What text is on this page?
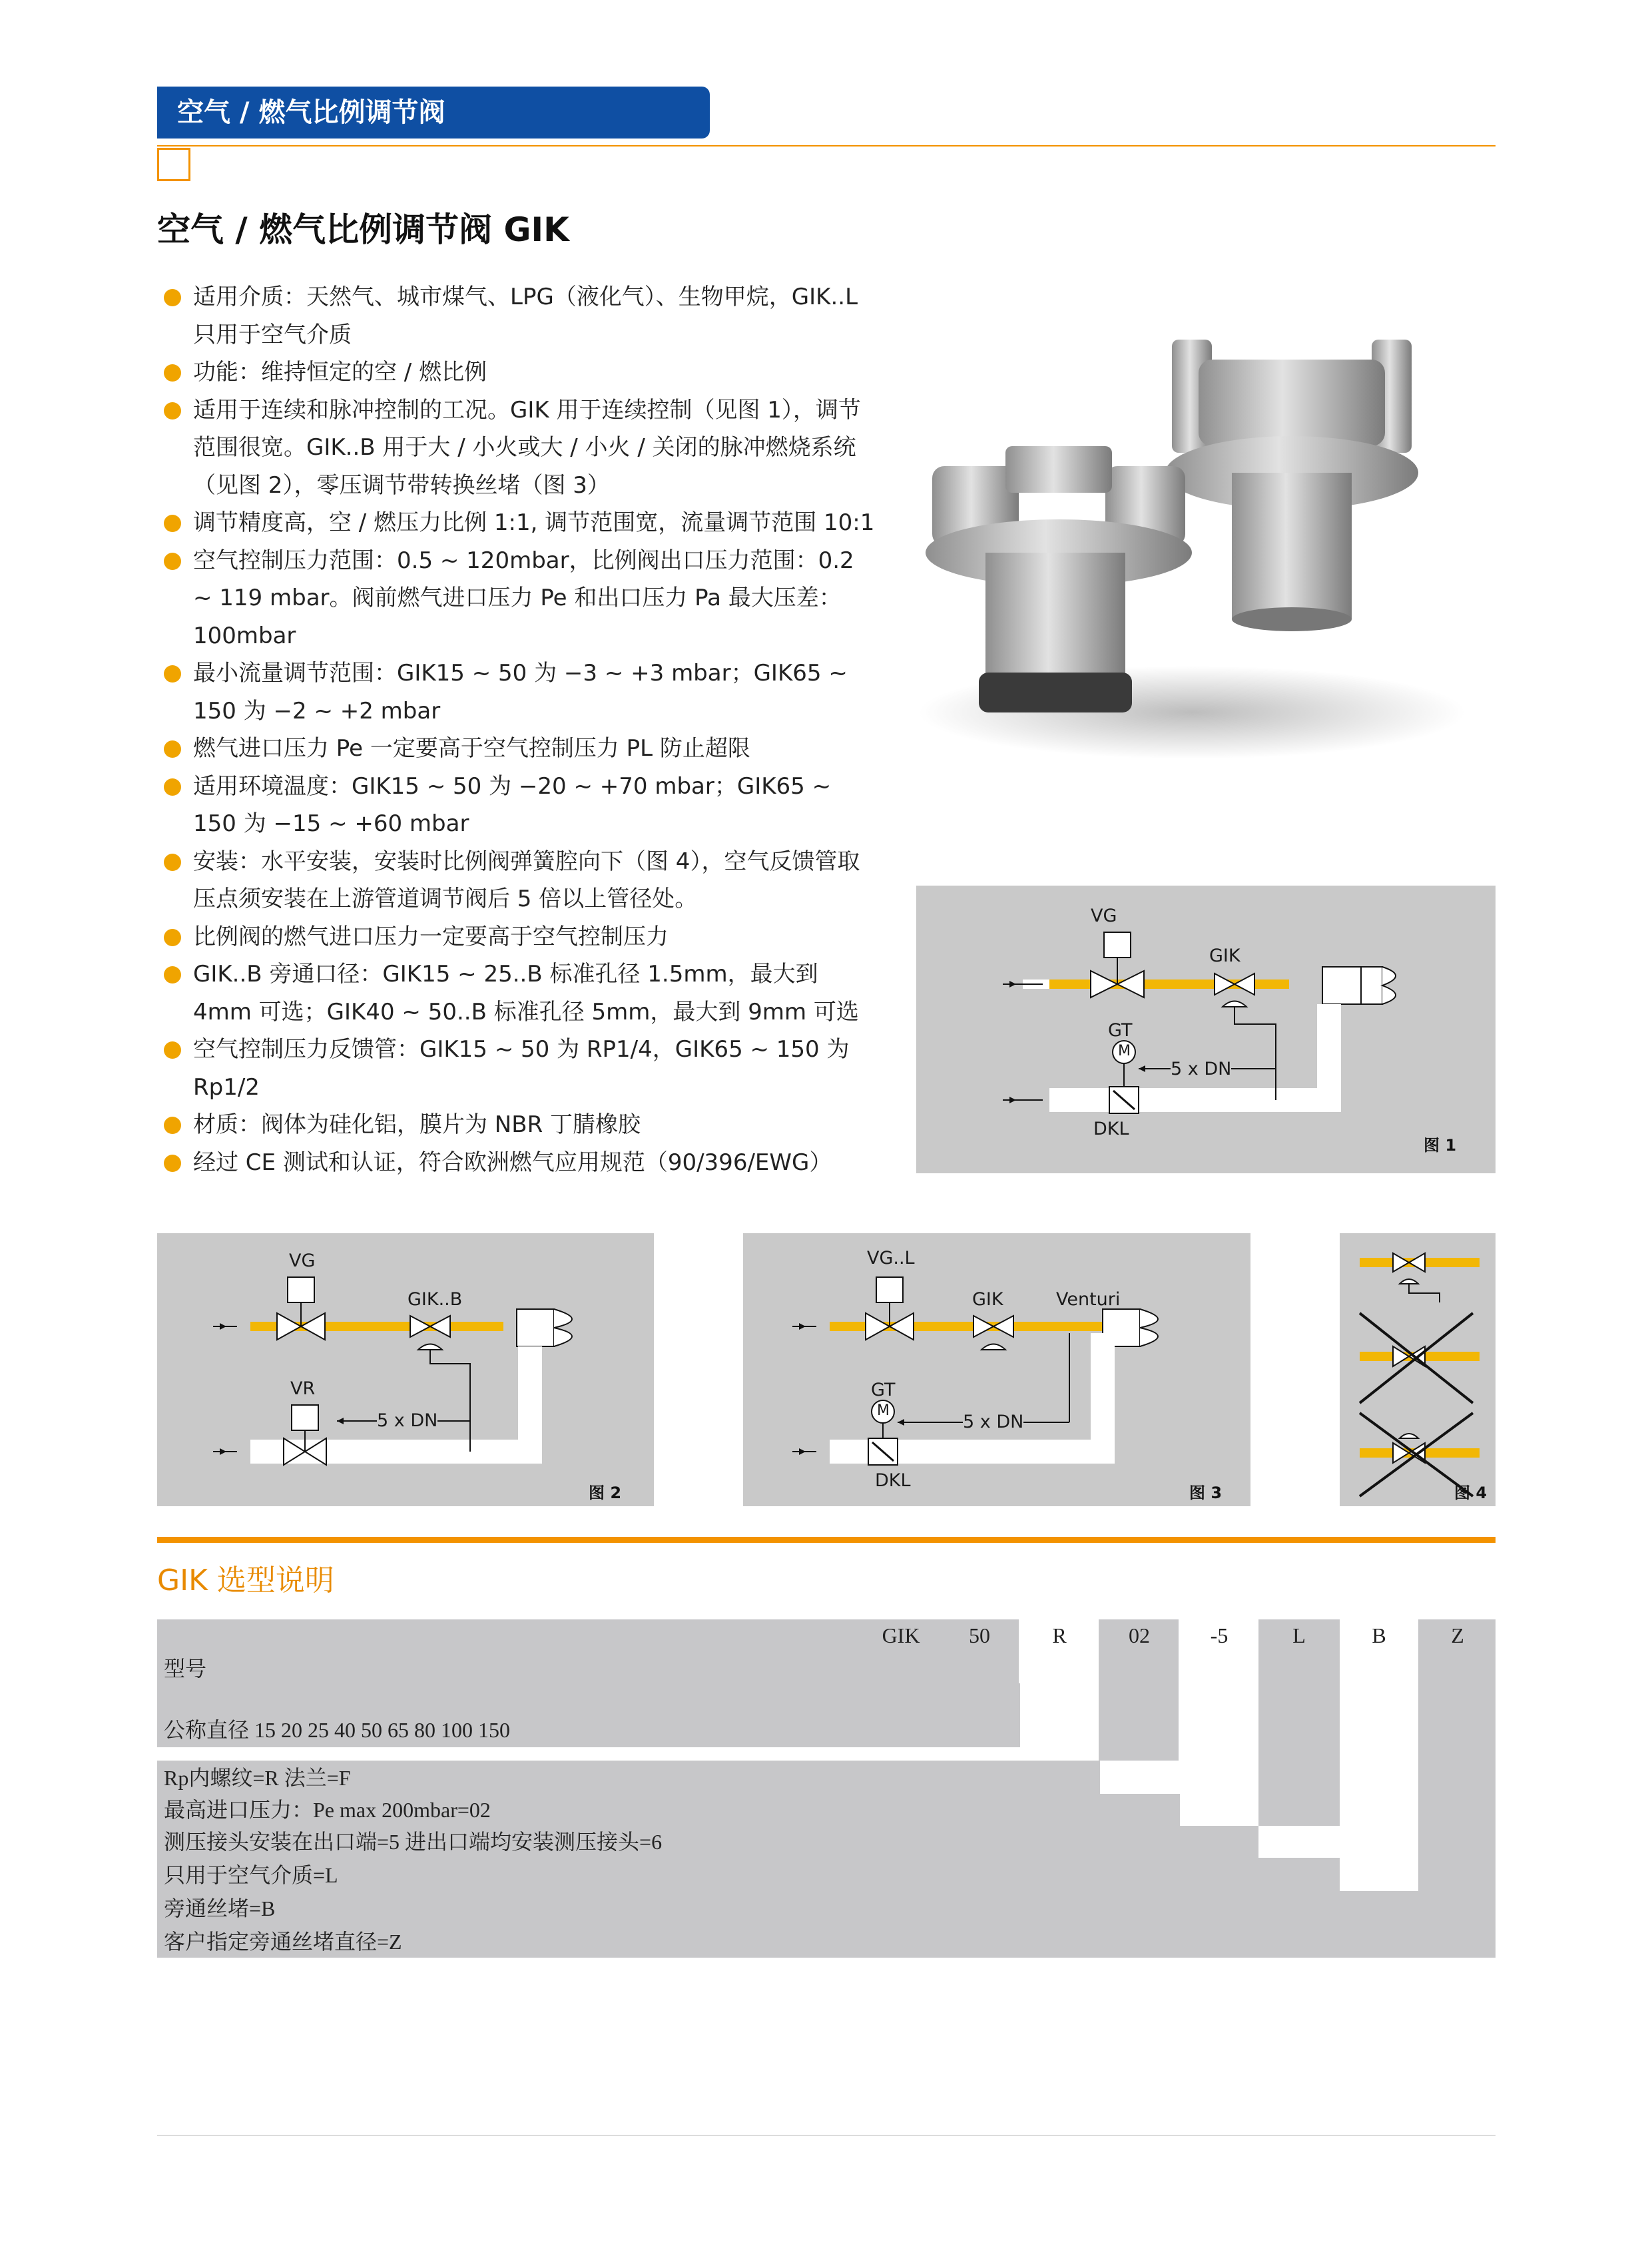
空气 / 燃气比例调节阀
空气 / 燃气比例调节阀 GIK
适用介质：天然气、城市煤气、LPG（液化气）、生物甲烷，GIK..L 只用于空气介质
功能：维持恒定的空 / 燃比例
适用于连续和脉冲控制的工况。GIK 用于连续控制（见图 1），调节范围很宽。GIK..B 用于大 / 小火或大 / 小火 / 关闭的脉冲燃烧系统（见图 2），零压调节带转换丝堵（图 3）
调节精度高，空 / 燃压力比例 1:1, 调节范围宽，流量调节范围 10:1
空气控制压力范围：0.5 ~ 120mbar，比例阀出口压力范围：0.2 ~ 119 mbar。阀前燃气进口压力 Pe 和出口压力 Pa 最大压差：100mbar
最小流量调节范围：GIK15 ~ 50 为 −3 ~ +3 mbar；GIK65 ~ 150 为 −2 ~ +2 mbar
燃气进口压力 Pe 一定要高于空气控制压力 PL 防止超限
适用环境温度：GIK15 ~ 50 为 −20 ~ +70 mbar；GIK65 ~ 150 为 −15 ~ +60 mbar
安装：水平安装，安装时比例阀弹簧腔向下（图 4），空气反馈管取压点须安装在上游管道调节阀后 5 倍以上管径处。
比例阀的燃气进口压力一定要高于空气控制压力
GIK..B 旁通口径：GIK15 ~ 25..B 标准孔径 1.5mm，最大到 4mm 可选；GIK40 ~ 50..B 标准孔径 5mm，最大到 9mm 可选
空气控制压力反馈管：GIK15 ~ 50 为 RP1/4，GIK65 ~ 150 为 Rp1/2
材质：阀体为硅化铝，膜片为 NBR 丁腈橡胶
经过 CE 测试和认证，符合欧洲燃气应用规范（90/396/EWG）
VG
GIK
GT
M
5 x DN
DKL
图 1
VG
GIK..B
VR
5 x DN
图 2
VG..L
GIK	Venturi
GT
M
5 x DN
DKL
图 3	图 4
GIK 选型说明
GIK	50	R	02	-5	L	B	Z
型号
公称直径 15 20 25 40 50 65 80 100 150
Rp内螺纹=R 法兰=F
最高进口压力：Pe max 200mbar=02
测压接头安装在出口端=5 进出口端均安装测压接头=6
只用于空气介质=L
旁通丝堵=B
客户指定旁通丝堵直径=Z
